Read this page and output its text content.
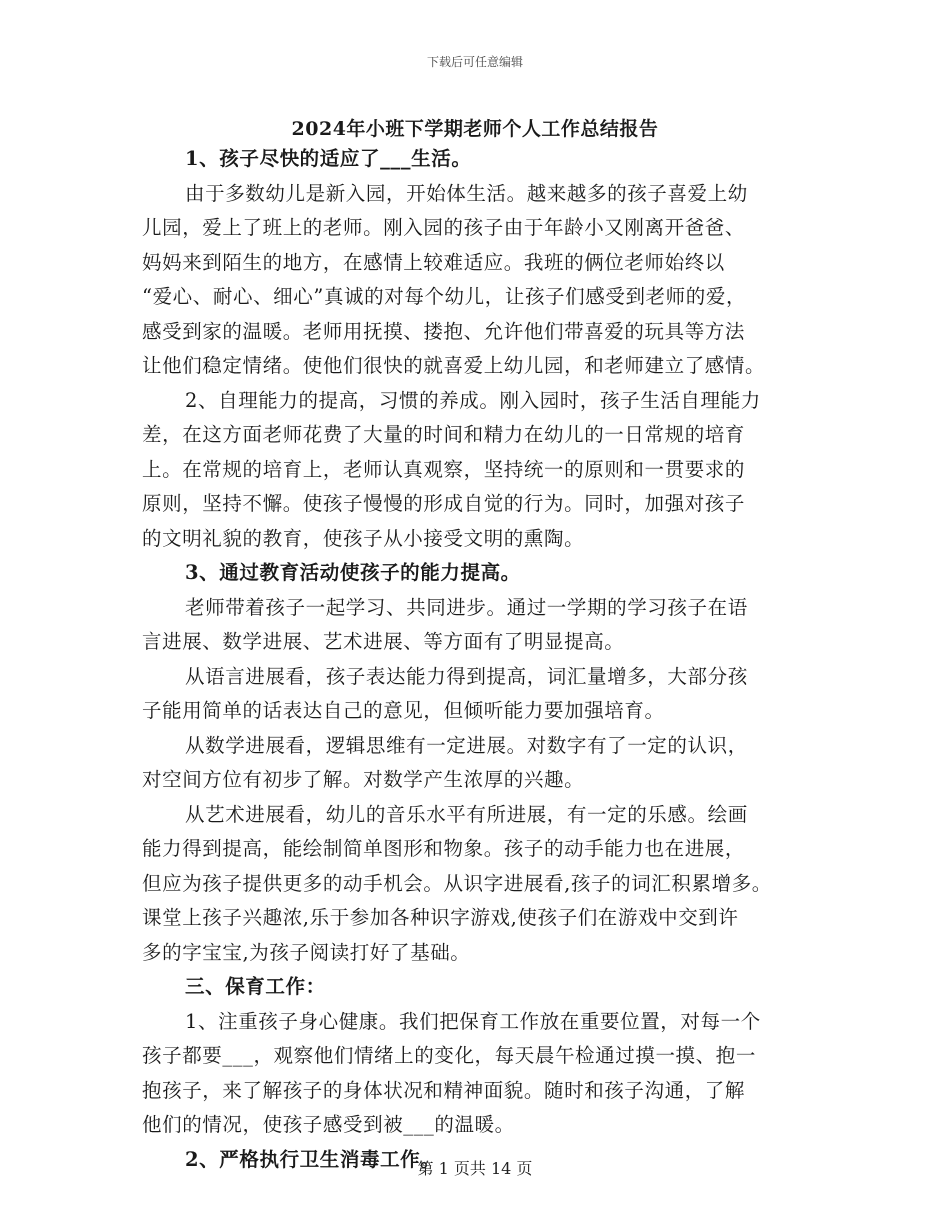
下载后可任意编辑
2024年小班下学期老师个人工作总结报告
1、孩子尽快的适应了___生活。
由于多数幼儿是新入园，开始体生活。越来越多的孩子喜爱上幼
儿园，爱上了班上的老师。刚入园的孩子由于年龄小又刚离开爸爸、
妈妈来到陌生的地方，在感情上较难适应。我班的俩位老师始终以
“爱心、耐心、细心”真诚的对每个幼儿，让孩子们感受到老师的爱，
感受到家的温暖。老师用抚摸、搂抱、允许他们带喜爱的玩具等方法
让他们稳定情绪。使他们很快的就喜爱上幼儿园，和老师建立了感情。
2、自理能力的提高，习惯的养成。刚入园时，孩子生活自理能力
差，在这方面老师花费了大量的时间和精力在幼儿的一日常规的培育
上。在常规的培育上，老师认真观察，坚持统一的原则和一贯要求的
原则，坚持不懈。使孩子慢慢的形成自觉的行为。同时，加强对孩子
的文明礼貌的教育，使孩子从小接受文明的熏陶。
3、通过教育活动使孩子的能力提高。
老师带着孩子一起学习、共同进步。通过一学期的学习孩子在语
言进展、数学进展、艺术进展、等方面有了明显提高。
从语言进展看，孩子表达能力得到提高，词汇量增多，大部分孩
子能用简单的话表达自己的意见，但倾听能力要加强培育。
从数学进展看，逻辑思维有一定进展。对数字有了一定的认识，
对空间方位有初步了解。对数学产生浓厚的兴趣。
从艺术进展看，幼儿的音乐水平有所进展，有一定的乐感。绘画
能力得到提高，能绘制简单图形和物象。孩子的动手能力也在进展，
但应为孩子提供更多的动手机会。从识字进展看,孩子的词汇积累增多。
课堂上孩子兴趣浓,乐于参加各种识字游戏,使孩子们在游戏中交到许
多的字宝宝,为孩子阅读打好了基础。
三、保育工作：
1、注重孩子身心健康。我们把保育工作放在重要位置，对每一个
孩子都要___，观察他们情绪上的变化，每天晨午检通过摸一摸、抱一
抱孩子，来了解孩子的身体状况和精神面貌。随时和孩子沟通，了解
他们的情况，使孩子感受到被___的温暖。
2、严格执行卫生消毒工作。
第 1 页共 14 页
